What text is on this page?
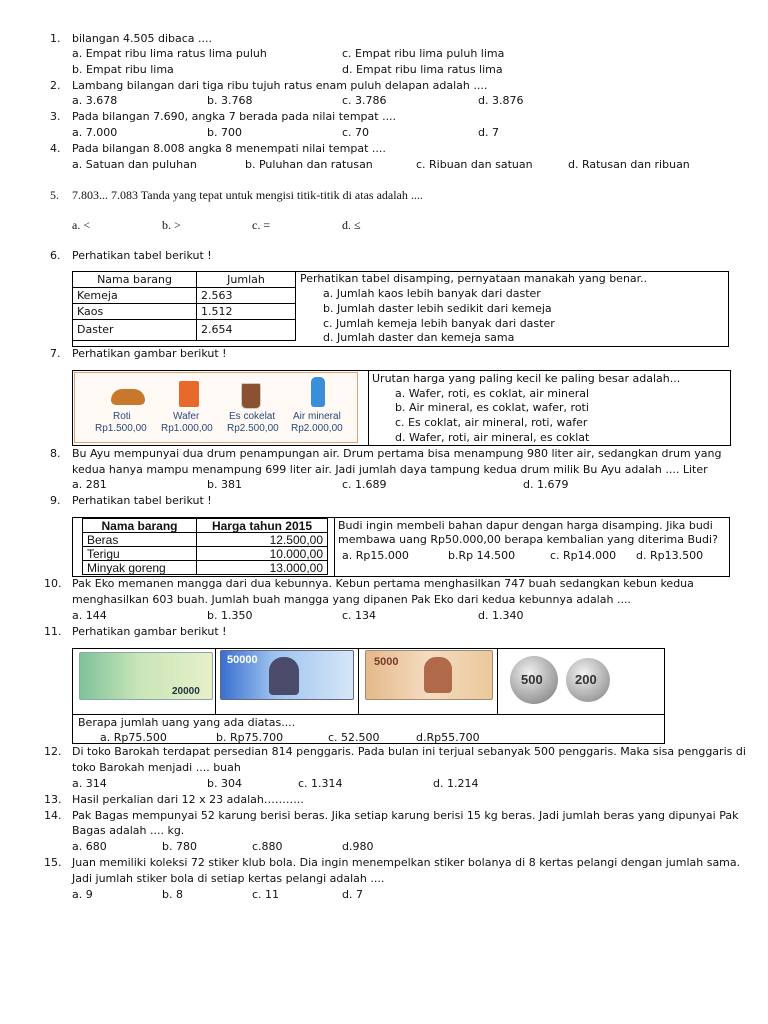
1. bilangan 4.505 dibaca ....
a. Empat ribu lima ratus lima puluh	c. Empat ribu lima puluh lima
b. Empat ribu lima	d. Empat ribu lima ratus lima
2. Lambang bilangan dari tiga ribu tujuh ratus enam puluh delapan adalah ....
a. 3.678	b. 3.768	c. 3.786	d. 3.876
3. Pada bilangan 7.690, angka 7 berada pada nilai tempat ....
a. 7.000	b. 700	c. 70	d. 7
4. Pada bilangan 8.008 angka 8 menempati nilai tempat ....
a. Satuan dan puluhan	b. Puluhan dan ratusan	c. Ribuan dan satuan	d. Ratusan dan ribuan
5. 7.803... 7.083 Tanda yang tepat untuk mengisi titik-titik di atas adalah ....
a. <	b. >	c. =	d. ≤
6. Perhatikan tabel berikut !
Nama barang	Jumlah
Kemeja	2.563
Kaos	1.512
Daster	2.654
Perhatikan tabel disamping, pernyataan manakah yang benar..
a. Jumlah kaos lebih banyak dari daster
b. Jumlah daster lebih sedikit dari kemeja
c. Jumlah kemeja lebih banyak dari daster
d. Jumlah daster dan kemeja sama
7. Perhatikan gambar berikut !
Roti	Wafer	Es cokelat Air mineral
Rp1.500,00 Rp1.000,00 Rp2.500,00 Rp2.000,00
Urutan harga yang paling kecil ke paling besar adalah...
a. Wafer, roti, es coklat, air mineral
b. Air mineral, es coklat, wafer, roti
c. Es coklat, air mineral, roti, wafer
d. Wafer, roti, air mineral, es coklat
8. Bu Ayu mempunyai dua drum penampungan air. Drum pertama bisa menampung 980 liter air, sedangkan drum yang
kedua hanya mampu menampung 699 liter air. Jadi jumlah daya tampung kedua drum milik Bu Ayu adalah .... Liter
a. 281	b. 381	c. 1.689	d. 1.679
9. Perhatikan tabel berikut !
Nama barang	Harga tahun 2015
Beras	12.500,00
Terigu	10.000,00
Minyak goreng	13.000,00
Budi ingin membeli bahan dapur dengan harga disamping. Jika budi
membawa uang Rp50.000,00 berapa kembalian yang diterima Budi?
a. Rp15.000	b.Rp 14.500	c. Rp14.000 d. Rp13.500
10. Pak Eko memanen mangga dari dua kebunnya. Kebun pertama menghasilkan 747 buah sedangkan kebun kedua
menghasilkan 603 buah. Jumlah buah mangga yang dipanen Pak Eko dari kedua kebunnya adalah ....
a. 144	b. 1.350	c. 134	d. 1.340
11. Perhatikan gambar berikut !
20000
50000	5000
500 200
Berapa jumlah uang yang ada diatas....
a. Rp75.500	b. Rp75.700	c. 52.500	d.Rp55.700
12. Di toko Barokah terdapat persedian 814 penggaris. Pada bulan ini terjual sebanyak 500 penggaris. Maka sisa penggaris di
toko Barokah menjadi .... buah
a. 314	b. 304	c. 1.314	d. 1.214
13. Hasil perkalian dari 12 x 23 adalah………..
14. Pak Bagas mempunyai 52 karung berisi beras. Jika setiap karung berisi 15 kg beras. Jadi jumlah beras yang dipunyai Pak
Bagas adalah .... kg.
a. 680	b. 780	c.880	d.980
15. Juan memiliki koleksi 72 stiker klub bola. Dia ingin menempelkan stiker bolanya di 8 kertas pelangi dengan jumlah sama.
Jadi jumlah stiker bola di setiap kertas pelangi adalah ....
a. 9	b. 8	c. 11	d. 7
